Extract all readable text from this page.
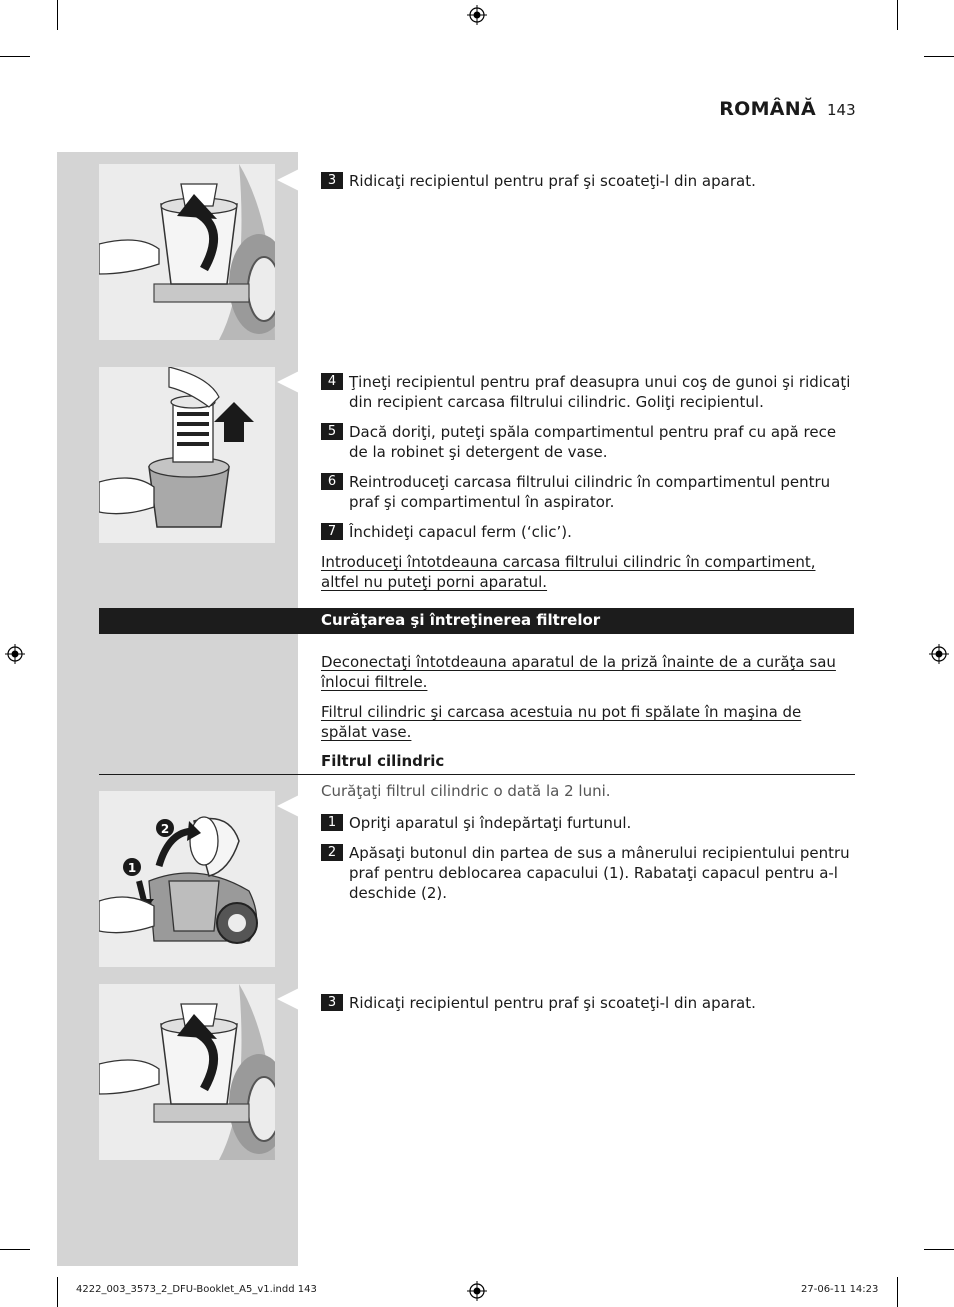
ROMÂNĂ 143
2
1
3 Ridicaţi recipientul pentru praf şi scoateţi-l din aparat.
4 Ţineţi recipientul pentru praf deasupra unui coş de gunoi şi ridicaţi din recipient carcasa filtrului cilindric. Goliţi recipientul.
5 Dacă doriţi, puteţi spăla compartimentul pentru praf cu apă rece de la robinet şi detergent de vase.
6 Reintroduceţi carcasa filtrului cilindric în compartimentul pentru praf şi compartimentul în aspirator.
7 Închideţi capacul ferm (‘clic’).
Introduceţi întotdeauna carcasa filtrului cilindric în compartiment, altfel nu puteţi porni aparatul.
Curăţarea şi întreţinerea filtrelor
Deconectaţi întotdeauna aparatul de la priză înainte de a curăţa sau înlocui filtrele.
Filtrul cilindric şi carcasa acestuia nu pot fi spălate în maşina de spălat vase.
Filtrul cilindric
Curăţaţi filtrul cilindric o dată la 2 luni.
1 Opriţi aparatul şi îndepărtaţi furtunul.
2 Apăsaţi butonul din partea de sus a mânerului recipientului pentru praf pentru deblocarea capacului (1). Rabataţi capacul pentru a-l deschide (2).
3 Ridicaţi recipientul pentru praf şi scoateţi-l din aparat.
4222_003_3573_2_DFU-Booklet_A5_v1.indd 143	27-06-11 14:23
